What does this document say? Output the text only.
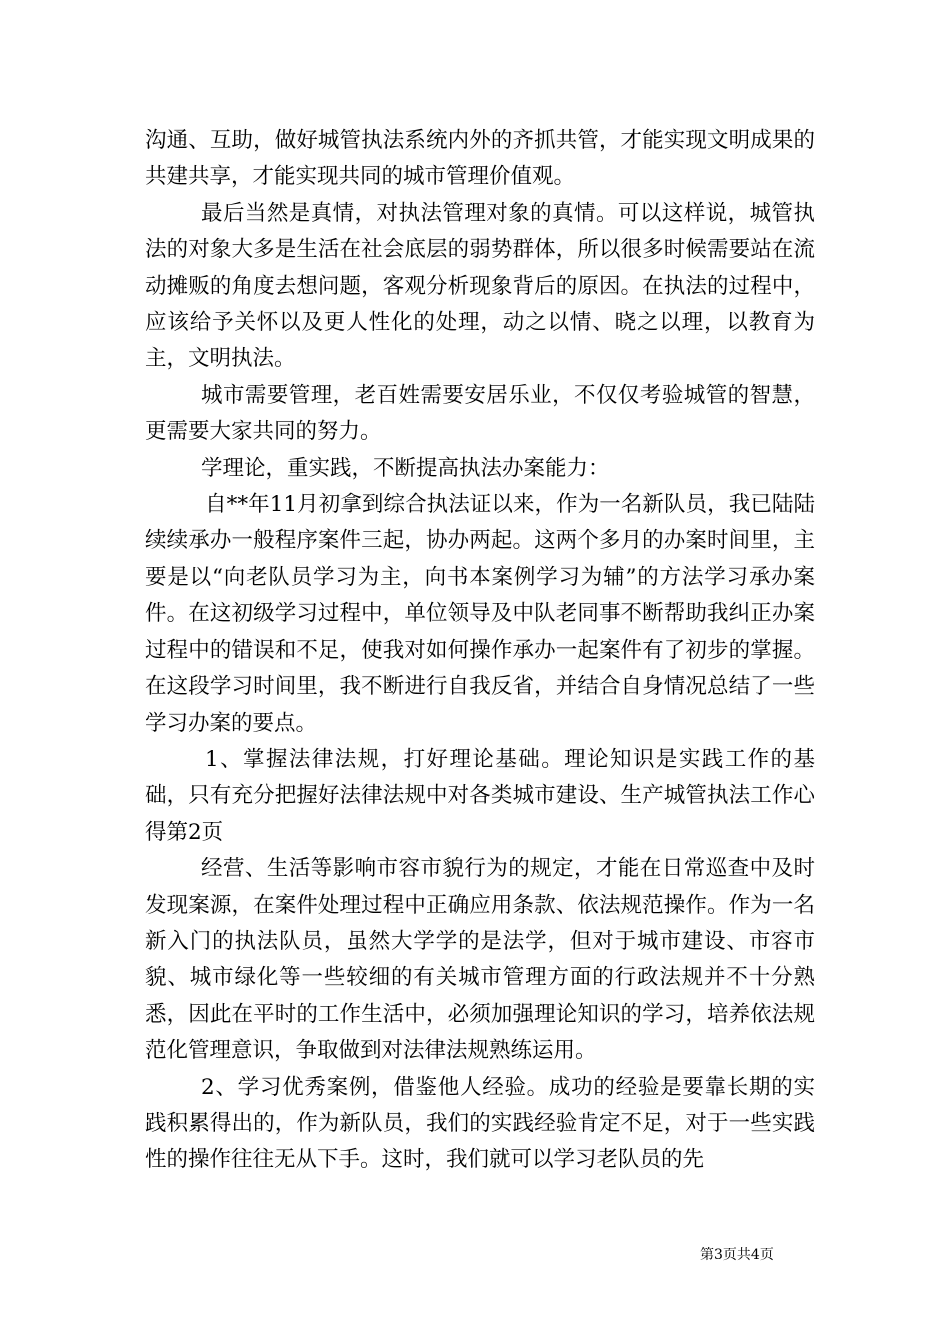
沟通、互助，做好城管执法系统内外的齐抓共管，才能实现文明成果的共建共享，才能实现共同的城市管理价值观。

最后当然是真情，对执法管理对象的真情。可以这样说，城管执法的对象大多是生活在社会底层的弱势群体，所以很多时候需要站在流动摊贩的角度去想问题，客观分析现象背后的原因。在执法的过程中，应该给予关怀以及更人性化的处理，动之以情、晓之以理，以教育为主，文明执法。

城市需要管理，老百姓需要安居乐业，不仅仅考验城管的智慧，更需要大家共同的努力。

学理论，重实践，不断提高执法办案能力：

自**年11月初拿到综合执法证以来，作为一名新队员，我已陆陆续续承办一般程序案件三起，协办两起。这两个多月的办案时间里，主要是以“向老队员学习为主，向书本案例学习为辅”的方法学习承办案件。在这初级学习过程中，单位领导及中队老同事不断帮助我纠正办案过程中的错误和不足，使我对如何操作承办一起案件有了初步的掌握。在这段学习时间里，我不断进行自我反省，并结合自身情况总结了一些学习办案的要点。

1、掌握法律法规，打好理论基础。理论知识是实践工作的基础，只有充分把握好法律法规中对各类城市建设、生产城管执法工作心得第2页

经营、生活等影响市容市貌行为的规定，才能在日常巡查中及时发现案源，在案件处理过程中正确应用条款、依法规范操作。作为一名新入门的执法队员，虽然大学学的是法学，但对于城市建设、市容市貌、城市绿化等一些较细的有关城市管理方面的行政法规并不十分熟悉，因此在平时的工作生活中，必须加强理论知识的学习，培养依法规范化管理意识，争取做到对法律法规熟练运用。

2、学习优秀案例，借鉴他人经验。成功的经验是要靠长期的实践积累得出的，作为新队员，我们的实践经验肯定不足，对于一些实践性的操作往往无从下手。这时，我们就可以学习老队员的先

第3页共4页
